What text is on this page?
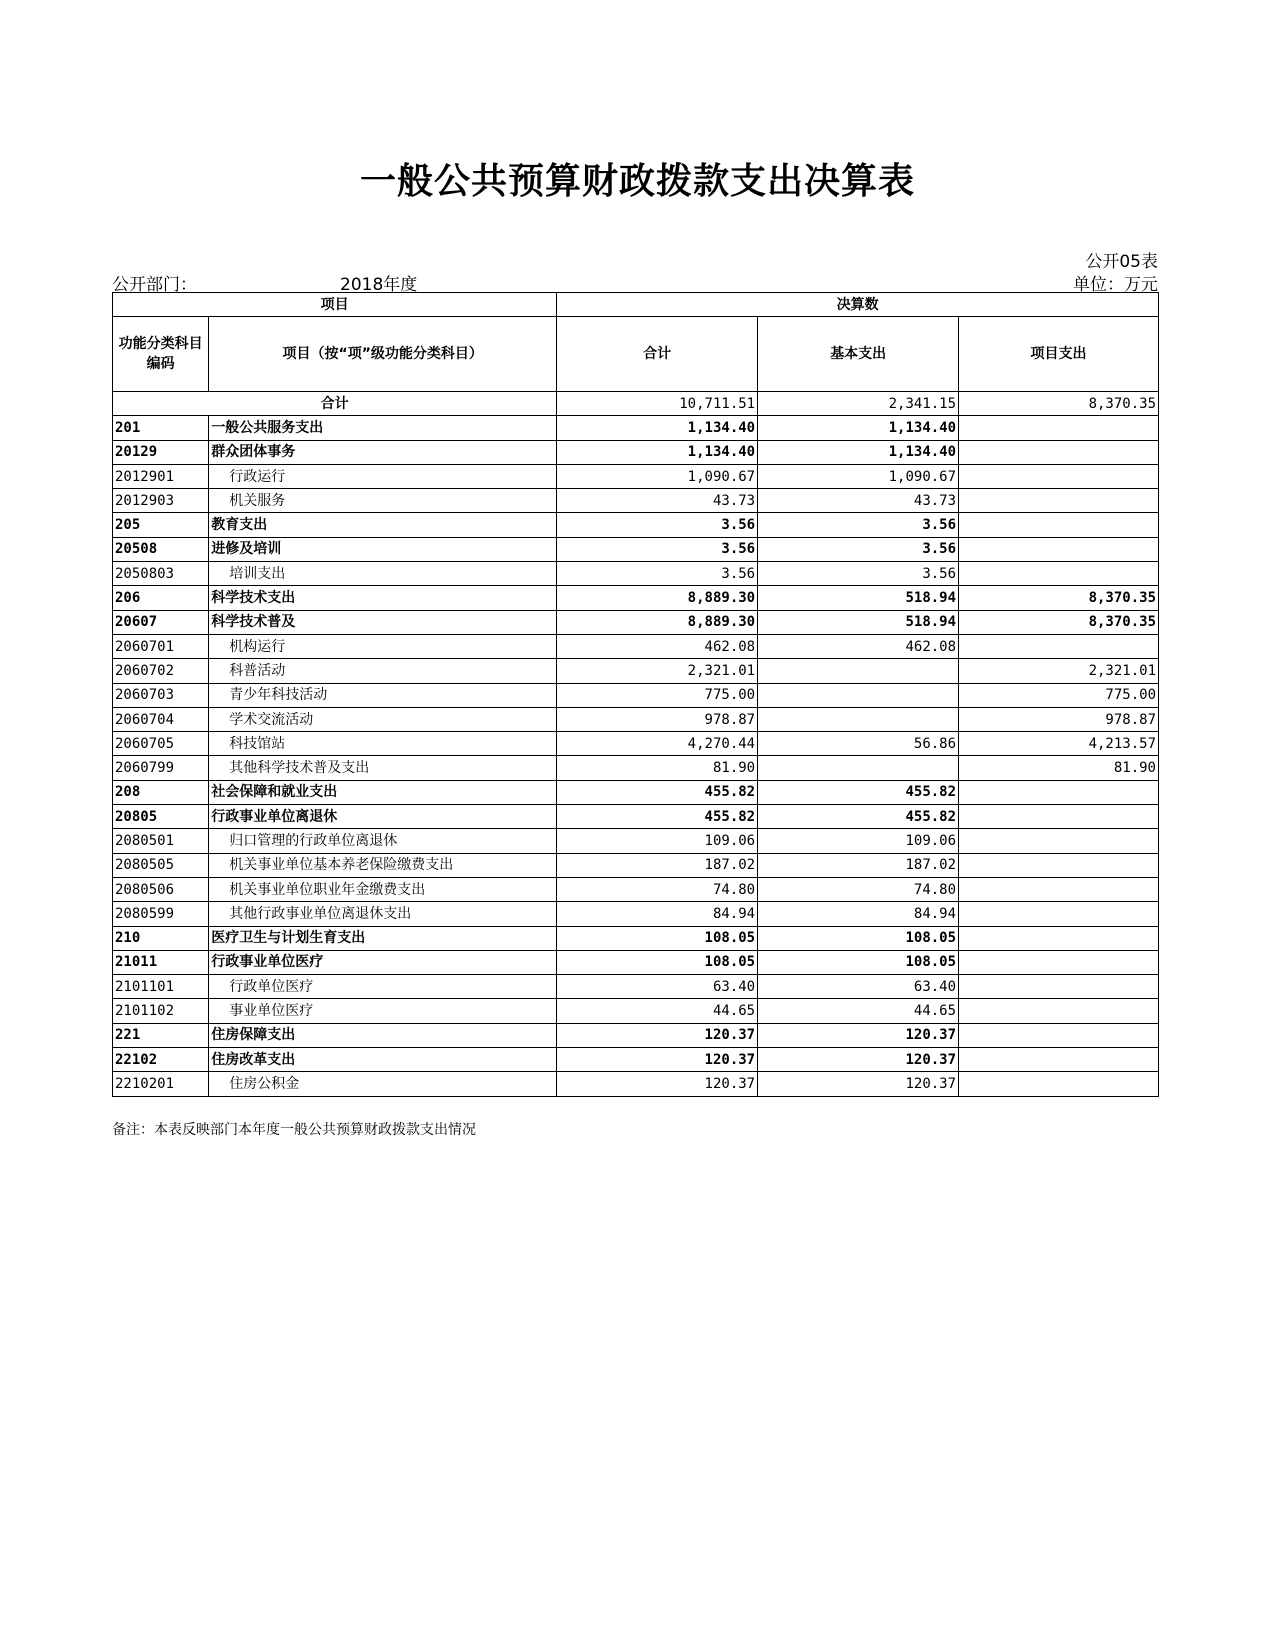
一般公共预算财政拨款支出决算表
公开05表
公开部门：	2018年度	单位：万元
项目		决算数		
功能分类科目编码	项目（按“项”级功能分类科目）	合计	基本支出	项目支出
合计		10,711.51	2,341.15	8,370.35
201	一般公共服务支出	1,134.40	1,134.40	
20129	群众团体事务	1,134.40	1,134.40	
2012901	行政运行	1,090.67	1,090.67	
2012903	机关服务	43.73	43.73	
205	教育支出	3.56	3.56	
20508	进修及培训	3.56	3.56	
2050803	培训支出	3.56	3.56	
206	科学技术支出	8,889.30	518.94	8,370.35
20607	科学技术普及	8,889.30	518.94	8,370.35
2060701	机构运行	462.08	462.08	
2060702	科普活动	2,321.01		2,321.01
2060703	青少年科技活动	775.00		775.00
2060704	学术交流活动	978.87		978.87
2060705	科技馆站	4,270.44	56.86	4,213.57
2060799	其他科学技术普及支出	81.90		81.90
208	社会保障和就业支出	455.82	455.82	
20805	行政事业单位离退休	455.82	455.82	
2080501	归口管理的行政单位离退休	109.06	109.06	
2080505	机关事业单位基本养老保险缴费支出	187.02	187.02	
2080506	机关事业单位职业年金缴费支出	74.80	74.80	
2080599	其他行政事业单位离退休支出	84.94	84.94	
210	医疗卫生与计划生育支出	108.05	108.05	
21011	行政事业单位医疗	108.05	108.05	
2101101	行政单位医疗	63.40	63.40	
2101102	事业单位医疗	44.65	44.65	
221	住房保障支出	120.37	120.37	
22102	住房改革支出	120.37	120.37	
2210201	住房公积金	120.37	120.37	
备注：本表反映部门本年度一般公共预算财政拨款支出情况
